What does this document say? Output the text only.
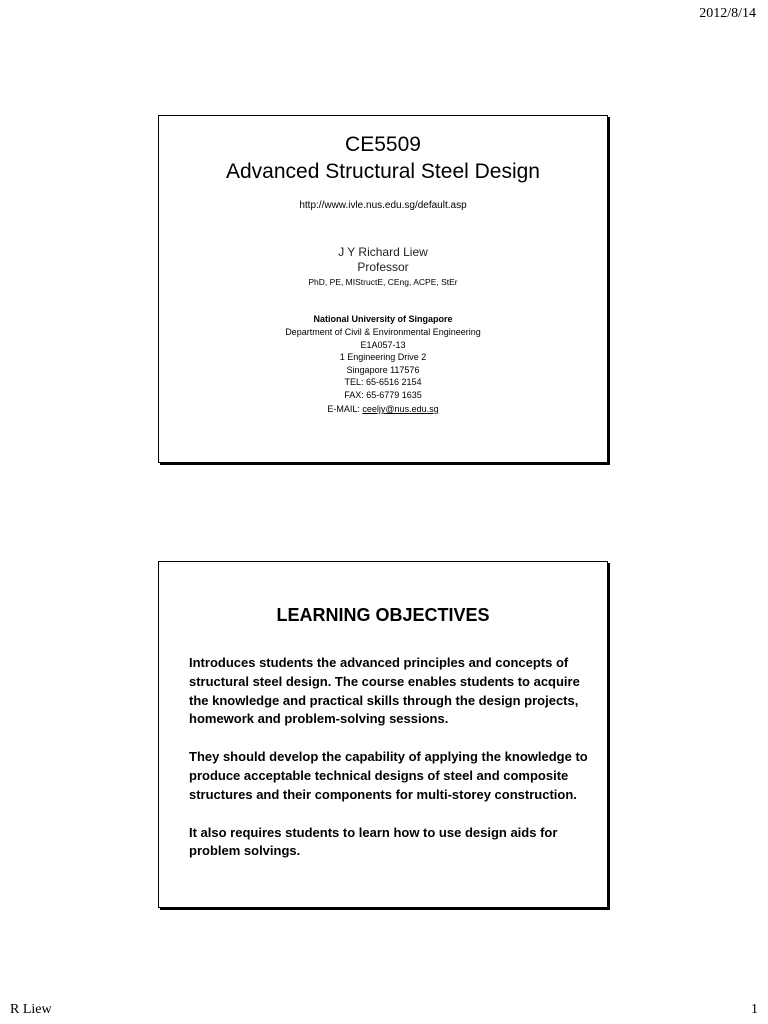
2012/8/14
CE5509
Advanced Structural Steel Design
http://www.ivle.nus.edu.sg/default.asp
J Y Richard Liew
Professor
PhD, PE, MIStructE, CEng, ACPE, StEr
National University of Singapore
Department of Civil & Environmental Engineering
E1A057-13
1 Engineering Drive 2
Singapore 117576
TEL: 65-6516 2154
FAX: 65-6779 1635
E-MAIL: ceeljy@nus.edu.sg
LEARNING OBJECTIVES

Introduces students the advanced principles and concepts of structural steel design. The course enables students to acquire the knowledge and practical skills through the design projects, homework and problem-solving sessions.

They should develop the capability of applying the knowledge to produce acceptable technical designs of steel and composite structures and their components for multi-storey construction.

It also requires students to learn how to use design aids for problem solvings.

R Liew	1
